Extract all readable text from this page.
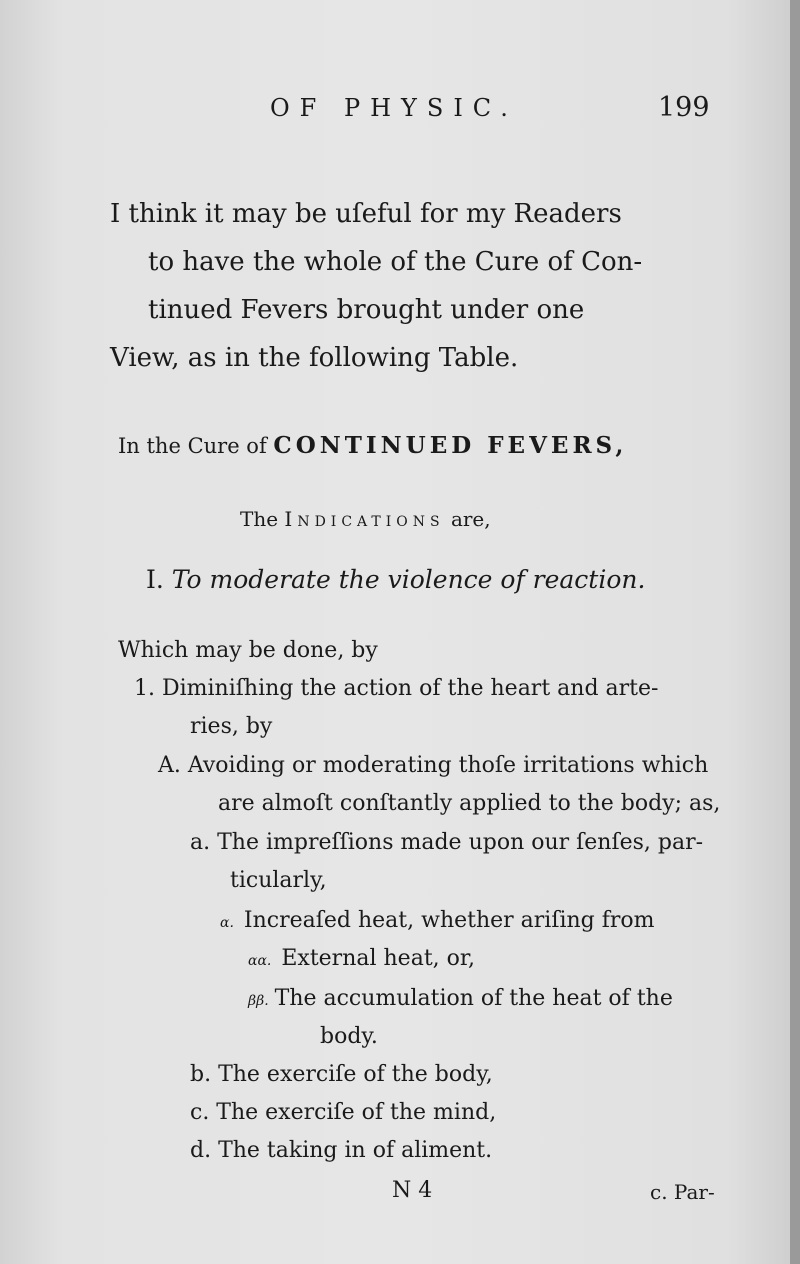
OF PHYSIC.	199
I think it may be uſeful for my Readers
to have the whole of the Cure of Con-
tinued Fevers brought under one
View, as in the following Table.
In the Cure of CONTINUED FEVERS,
The Indications are,
I. To moderate the violence of reaction.
Which may be done, by
1. Diminiſhing the action of the heart and arte-
ries, by
A. Avoiding or moderating thoſe irritations which
are almoſt conſtantly applied to the body; as,
a. The impreſſions made upon our ſenſes, par-
ticularly,
α. Increaſed heat, whether ariſing from
αα. External heat, or,
ββ. The accumulation of the heat of the
body.
b. The exerciſe of the body,
c. The exerciſe of the mind,
d. The taking in of aliment.
N 4	c. Par-
